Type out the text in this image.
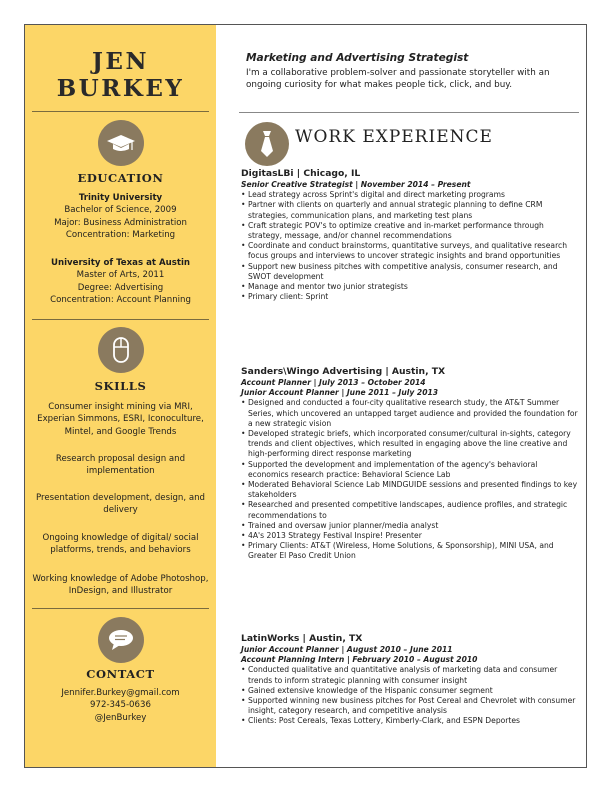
JEN
BURKEY
EDUCATION
Trinity University
Bachelor of Science, 2009
Major: Business Administration
Concentration: Marketing
University of Texas at Austin
Master of Arts, 2011
Degree: Advertising
Concentration: Account Planning
SKILLS
Consumer insight mining via MRI, Experian Simmons, ESRI, Iconoculture, Mintel, and Google Trends
Research proposal design and implementation
Presentation development, design, and delivery
Ongoing knowledge of digital/ social platforms, trends, and behaviors
Working knowledge of Adobe Photoshop, InDesign, and Illustrator
CONTACT
Jennifer.Burkey@gmail.com
972-345-0636
@JenBurkey
Marketing and Advertising Strategist
I'm a collaborative problem-solver and passionate storyteller with an ongoing curiosity for what makes people tick, click, and buy.
WORK EXPERIENCE
DigitasLBi | Chicago, IL
Senior Creative Strategist | November 2014 – Present
• Lead strategy across Sprint's digital and direct marketing programs
• Partner with clients on quarterly and annual strategic planning to define CRM strategies, communication plans, and marketing test plans
• Craft strategic POV's to optimize creative and in-market performance through strategy, message, and/or channel recommendations
• Coordinate and conduct brainstorms, quantitative surveys, and qualitative research focus groups and interviews to uncover strategic insights and brand opportunities
• Support new business pitches with competitive analysis, consumer research, and SWOT development
• Manage and mentor two junior strategists
• Primary client: Sprint
Sanders\Wingo Advertising | Austin, TX
Account Planner | July 2013 – October 2014
Junior Account Planner | June 2011 – July 2013
• Designed and conducted a four-city qualitative research study, the AT&T Summer Series, which uncovered an untapped target audience and provided the foundation for a new strategic vision
• Developed strategic briefs, which incorporated consumer/cultural in-sights, category trends and client objectives, which resulted in engaging above the line creative and high-performing direct response marketing
• Supported the development and implementation of the agency's behavioral economics research practice: Behavioral Science Lab
• Moderated Behavioral Science Lab MINDGUIDE sessions and presented findings to key stakeholders
• Researched and presented competitive landscapes, audience profiles, and strategic recommendations to
• Trained and oversaw junior planner/media analyst
• 4A's 2013 Strategy Festival Inspire! Presenter
• Primary Clients: AT&T (Wireless, Home Solutions, & Sponsorship), MINI USA, and Greater El Paso Credit Union
LatinWorks | Austin, TX
Junior Account Planner | August 2010 – June 2011
Account Planning Intern | February 2010 – August 2010
• Conducted qualitative and quantitative analysis of marketing data and consumer trends to inform strategic planning with consumer insight
• Gained extensive knowledge of the Hispanic consumer segment
• Supported winning new business pitches for Post Cereal and Chevrolet with consumer insight, category research, and competitive analysis
• Clients: Post Cereals, Texas Lottery, Kimberly-Clark, and ESPN Deportes
